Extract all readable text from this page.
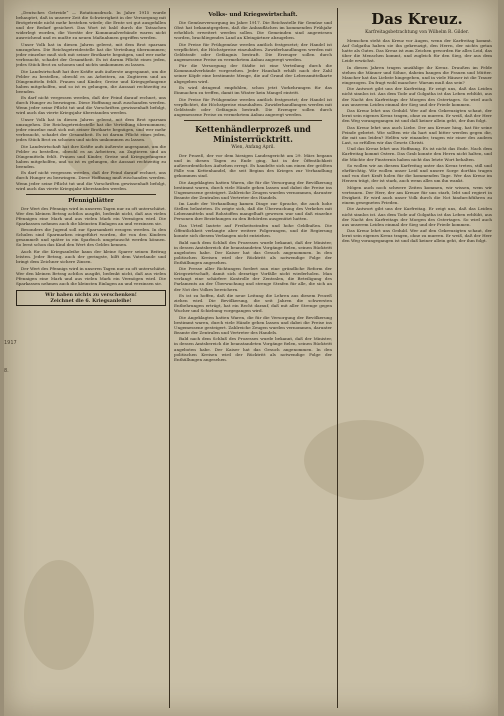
1917
8.
„Deutsches Getreide“ — Rotationsdruck. In Jahre 1915 wurde behauptet, daß in unserer Zeit die Schwierigkeit in der Versorgung mit Brotgetreide nicht mehr bestehen würde; die Ernte sei gut ausgefallen und der Bedarf gesichert. Das Wort ist bald durch die Tatsachen widerlegt worden, die Vorräte der Kommunalverbände waren nicht ausreichend und es mußte zu neuen Maßnahmen gegriffen werden.
Unser Volk hat in diesen Jahren gelernt, mit dem Brot sparsam umzugehen. Die Reichsgetreidestelle hat die Verteilung übernommen; jeder einzelne muß sich mit seiner Brotkarte begnügen, und wer mehr verbraucht, schadet der Gesamtheit. Es ist darum Pflicht eines jeden, jedes Stück Brot zu schonen und nichts umkommen zu lassen.
Die Landwirtschaft hat ihre Kräfte aufs äußerste angespannt, um die Felder zu bestellen, obwohl es an Arbeitern, an Zugtieren und an Düngemitteln fehlt. Frauen und Kinder, Greise und Kriegsgefangene haben mitgeholfen, und so ist es gelungen, die Aussaat rechtzeitig zu beenden.
Es darf nicht vergessen werden, daß der Feind darauf rechnet, uns durch Hunger zu bezwingen. Diese Hoffnung muß zuschanden werden. Wenn jeder seine Pflicht tut und die Vorschriften gewissenhaft befolgt, wird auch das vierte Kriegsjahr überstanden werden.
Unser Volk hat in diesen Jahren gelernt, mit dem Brot sparsam umzugehen. Die Reichsgetreidestelle hat die Verteilung übernommen; jeder einzelne muß sich mit seiner Brotkarte begnügen, und wer mehr verbraucht, schadet der Gesamtheit. Es ist darum Pflicht eines jeden, jedes Stück Brot zu schonen und nichts umkommen zu lassen.
Die Landwirtschaft hat ihre Kräfte aufs äußerste angespannt, um die Felder zu bestellen, obwohl es an Arbeitern, an Zugtieren und an Düngemitteln fehlt. Frauen und Kinder, Greise und Kriegsgefangene haben mitgeholfen, und so ist es gelungen, die Aussaat rechtzeitig zu beenden.
Es darf nicht vergessen werden, daß der Feind darauf rechnet, uns durch Hunger zu bezwingen. Diese Hoffnung muß zuschanden werden. Wenn jeder seine Pflicht tut und die Vorschriften gewissenhaft befolgt, wird auch das vierte Kriegsjahr überstanden werden.
Pfennigblätter
Der Wert des Pfennigs wird in unseren Tagen nur zu oft unterschätzt. Wer den kleinen Betrag achtlos ausgibt, bedenkt nicht, daß aus vielen Pfennigen eine Mark und aus vielen Mark ein Vermögen wird. Die Sparkassen nehmen auch die kleinsten Einlagen an und verzinsen sie.
Besonders die Jugend soll zur Sparsamkeit erzogen werden. In den Schulen sind Sparmarken eingeführt worden, die von den Kindern gesammelt und später in ein Sparbuch umgetauscht werden können. So lernt schon das Kind den Wert des Geldes kennen.
Auch für die Kriegsanleihe kann der kleine Sparer seinen Beitrag leisten. Jeder Betrag, auch der geringste, hilft dem Vaterlande und bringt dem Zeichner sichere Zinsen.
Der Wert des Pfennigs wird in unseren Tagen nur zu oft unterschätzt. Wer den kleinen Betrag achtlos ausgibt, bedenkt nicht, daß aus vielen Pfennigen eine Mark und aus vielen Mark ein Vermögen wird. Die Sparkassen nehmen auch die kleinsten Einlagen an und verzinsen sie.
Wir haben nichts zu verschenken!
Zeichnet die 6. Kriegsanleihe!
Volks- und Kriegswirtschaft.
Die Gemüseversorgung im Jahre 1917. Die Reichsstelle für Gemüse und Obst hat bekanntgegeben, daß die Anbauflächen im kommenden Frühjahr erheblich erweitert werden sollen. Die Gemeinden sind angewiesen worden, brachliegendes Land an Kleingärtner abzugeben.
Die Preise für Frühgemüse werden amtlich festgesetzt; der Handel ist verpflichtet, die Höchstpreise einzuhalten. Zuwiderhandlungen werden mit Geldstrafe oder Gefängnis bestraft. Die Erzeuger sollen durch angemessene Preise zu vermehrtem Anbau angeregt werden.
Für die Versorgung der Städte ist eine Verteilung durch die Kommunalverbände vorgesehen. Jeder Haushalt erhält nach der Zahl seiner Köpfe eine bestimmte Menge, die auf Grund der Lebensmittelkarte abgegeben wird.
Es wird dringend empfohlen, schon jetzt Vorkehrungen für das Einmachen zu treffen, damit im Winter kein Mangel eintritt.
Die Preise für Frühgemüse werden amtlich festgesetzt; der Handel ist verpflichtet, die Höchstpreise einzuhalten. Zuwiderhandlungen werden mit Geldstrafe oder Gefängnis bestraft. Die Erzeuger sollen durch angemessene Preise zu vermehrtem Anbau angeregt werden.
Kettenhändlerprozeß und Ministerrücktritt.
Wien, Anfang April.
Der Prozeß, der vor dem hiesigen Landesgericht am 29. März begann und in diesen Tagen zu Ende ging, hat in der Öffentlichkeit außerordentliches Aufsehen erregt. Es handelte sich um einen der größten Fälle von Kettenhandel, die seit Beginn des Krieges zur Verhandlung gekommen sind.
Die Angeklagten hatten Waren, die für die Versorgung der Bevölkerung bestimmt waren, durch viele Hände gehen lassen und dabei die Preise ins Ungemessene gesteigert. Zahlreiche Zeugen wurden vernommen, darunter Beamte der Zentralen und Vertreter des Handels.
Im Laufe der Verhandlung kamen Dinge zur Sprache, die auch hohe Stellen belasteten. Es zeigte sich, daß die Überwachung des Verkehrs mit Lebensmitteln und Rohstoffen mangelhaft gewesen war und daß einzelne Personen ihre Beziehungen zu den Behörden ausgenützt hatten.
Das Urteil lautete auf Freiheitsstrafen und hohe Geldbußen. Die Öffentlichkeit verlangte aber weitere Folgerungen, und die Regierung konnte sich diesem Verlangen nicht entziehen.
Bald nach dem Schluß des Prozesses wurde bekannt, daß der Minister, in dessen Amtsbereich die beanstandeten Vorgänge fielen, seinen Rücktritt angeboten habe. Der Kaiser hat das Gesuch angenommen. In den politischen Kreisen wird der Rücktritt als notwendige Folge der Enthüllungen angesehen.
Die Presse aller Richtungen fordert nun eine gründliche Reform der Kriegswirtschaft, damit sich derartige Vorfälle nicht wiederholen. Man verlangt eine schärfere Kontrolle der Zentralen, die Beteiligung des Parlaments an der Überwachung und strenge Strafen für alle, die sich an der Not des Volkes bereichern.
Es ist zu hoffen, daß die neue Leitung die Lehren aus diesem Prozeß ziehen wird. Die Bevölkerung, die seit Jahren die schwersten Entbehrungen erträgt, hat ein Recht darauf, daß mit aller Strenge gegen Wucher und Schiebung vorgegangen wird.
Die Angeklagten hatten Waren, die für die Versorgung der Bevölkerung bestimmt waren, durch viele Hände gehen lassen und dabei die Preise ins Ungemessene gesteigert. Zahlreiche Zeugen wurden vernommen, darunter Beamte der Zentralen und Vertreter des Handels.
Bald nach dem Schluß des Prozesses wurde bekannt, daß der Minister, in dessen Amtsbereich die beanstandeten Vorgänge fielen, seinen Rücktritt angeboten habe. Der Kaiser hat das Gesuch angenommen. In den politischen Kreisen wird der Rücktritt als notwendige Folge der Enthüllungen angesehen.
Das Kreuz.
Karfreitagsbetrachtung von Wilhelm R. Gilder.
Menschen steht das Kreuz vor Augen, wenn der Karfreitag kommt. Auf Golgatha haben sie ihn gekreuzigt, den Herrn, der nichts getan hatte als Gutes. Das Kreuz ist zum Zeichen geworden für alles Leid, das über die Menschen kommt, und zugleich für den Sieg, der aus dem Leide erwächst.
In diesen Jahren tragen unzählige ihr Kreuz. Draußen im Felde stehen die Männer und Söhne, daheim bangen die Frauen und Mütter. Mancher hat das Liebste hingegeben, und in viele Häuser ist die Trauer eingezogen. Da fragt wohl mancher: Warum muß das sein?
Die Antwort gibt uns der Karfreitag. Er zeigt uns, daß das Leiden nicht sinnlos ist. Aus dem Tode auf Golgatha ist das Leben erblüht, aus der Nacht des Karfreitags der Morgen des Ostertages. So wird auch aus unserem Leiden einmal der Sieg und der Friede kommen.
Das Kreuz lehrt uns Geduld. Wer auf den Gekreuzigten schaut, der lernt sein eigenes Kreuz tragen, ohne zu murren. Er weiß, daß der Herr den Weg vorangegangen ist und daß keiner allein geht, der ihm folgt.
Das Kreuz lehrt uns auch Liebe. Der am Kreuze hing, hat für seine Feinde gebetet. Wie sollten wir da hart und bitter werden gegen die, die mit uns leiden? Helfen wir einander, tragen wir einer des andern Last, so erfüllen wir das Gesetz Christi.
Und das Kreuz lehrt uns Hoffnung. Es ist nicht das Ende. Nach dem Karfreitag kommt Ostern. Das Grab konnte den Herrn nicht halten, und die Mächte der Finsternis haben nicht das letzte Wort behalten.
So wollen wir an diesem Karfreitag unter das Kreuz treten, still und ehrfürchtig. Wir wollen unser Leid und unsere Sorge dorthin tragen und von dort Kraft holen für die kommenden Tage. Wer das Kreuz im Herzen trägt, der ist stark, auch wenn alles um ihn wankt.
Mögen auch noch schwere Zeiten kommen, wir wissen, wem wir vertrauen. Der Herr, der am Kreuze für uns starb, lebt und regiert in Ewigkeit. Er wird auch unser Volk durch die Not hindurchführen zu einem gesegneten Frieden.
Die Antwort gibt uns der Karfreitag. Er zeigt uns, daß das Leiden nicht sinnlos ist. Aus dem Tode auf Golgatha ist das Leben erblüht, aus der Nacht des Karfreitags der Morgen des Ostertages. So wird auch aus unserem Leiden einmal der Sieg und der Friede kommen.
Das Kreuz lehrt uns Geduld. Wer auf den Gekreuzigten schaut, der lernt sein eigenes Kreuz tragen, ohne zu murren. Er weiß, daß der Herr den Weg vorangegangen ist und daß keiner allein geht, der ihm folgt.
